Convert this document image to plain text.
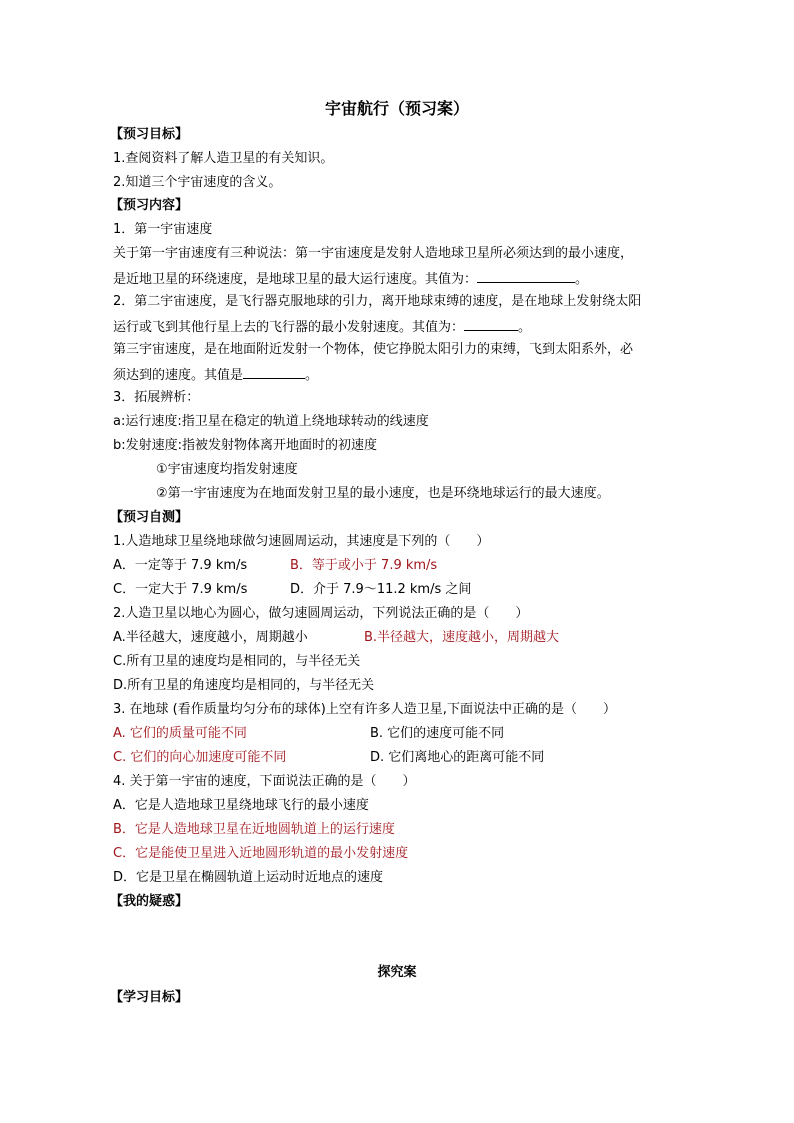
宇宙航行（预习案）

【预习目标】

1.查阅资料了解人造卫星的有关知识。

2.知道三个宇宙速度的含义。

【预习内容】

1．第一宇宙速度

关于第一宇宙速度有三种说法：第一宇宙速度是发射人造地球卫星所必须达到的最小速度，

是近地卫星的环绕速度，是地球卫星的最大运行速度。其值为：	。

2．第二宇宙速度，是飞行器克服地球的引力，离开地球束缚的速度，是在地球上发射绕太阳

运行或飞到其他行星上去的飞行器的最小发射速度。其值为：	。

第三宇宙速度，是在地面附近发射一个物体，使它挣脱太阳引力的束缚，飞到太阳系外，必

须达到的速度。其值是	。

3．拓展辨析：

a:运行速度:指卫星在稳定的轨道上绕地球转动的线速度

b:发射速度:指被发射物体离开地面时的初速度

①宇宙速度均指发射速度

②第一宇宙速度为在地面发射卫星的最小速度，也是环绕地球运行的最大速度。

【预习自测】

1.人造地球卫星绕地球做匀速圆周运动，其速度是下列的（　　）

A．一定等于 7.9 km/s	B．等于或小于 7.9 km/s

C．一定大于 7.9 km/s	D．介于 7.9～11.2 km/s 之间

2.人造卫星以地心为圆心，做匀速圆周运动，下列说法正确的是（　　）

A.半径越大，速度越小，周期越小	B.半径越大，速度越小，周期越大

C.所有卫星的速度均是相同的，与半径无关

D.所有卫星的角速度均是相同的，与半径无关

3. 在地球 (看作质量均匀分布的球体)上空有许多人造卫星,下面说法中正确的是（　　）

A. 它们的质量可能不同	B. 它们的速度可能不同

C. 它们的向心加速度可能不同	D. 它们离地心的距离可能不同

4. 关于第一宇宙的速度，下面说法正确的是（　　）

A．它是人造地球卫星绕地球飞行的最小速度

B．它是人造地球卫星在近地圆轨道上的运行速度

C．它是能使卫星进入近地圆形轨道的最小发射速度

D．它是卫星在椭圆轨道上运动时近地点的速度

【我的疑惑】

探究案

【学习目标】
